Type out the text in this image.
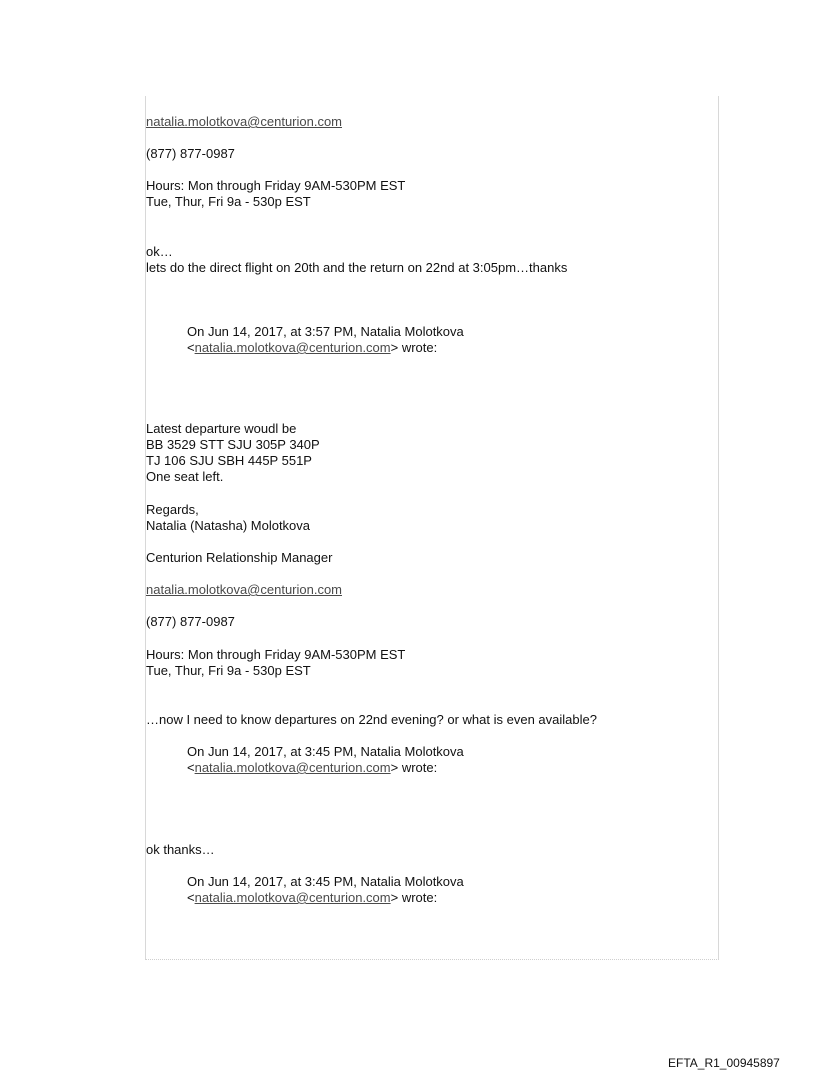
natalia.molotkova@centurion.com
(877) 877-0987
Hours: Mon through Friday 9AM-530PM EST
Tue, Thur, Fri 9a - 530p EST
ok…
lets do the direct flight on 20th and the return on 22nd at 3:05pm…thanks
On Jun 14, 2017, at 3:57 PM, Natalia Molotkova
<natalia.molotkova@centurion.com> wrote:
Latest departure woudl be
BB 3529 STT SJU 305P 340P
TJ 106 SJU SBH 445P 551P
One seat left.
Regards,
Natalia (Natasha) Molotkova
Centurion Relationship Manager
natalia.molotkova@centurion.com
(877) 877-0987
Hours: Mon through Friday 9AM-530PM EST
Tue, Thur, Fri 9a - 530p EST
…now I need to know departures on 22nd evening? or what is even available?
On Jun 14, 2017, at 3:45 PM, Natalia Molotkova
<natalia.molotkova@centurion.com> wrote:
ok thanks…
On Jun 14, 2017, at 3:45 PM, Natalia Molotkova
<natalia.molotkova@centurion.com> wrote:
EFTA_R1_00945897
